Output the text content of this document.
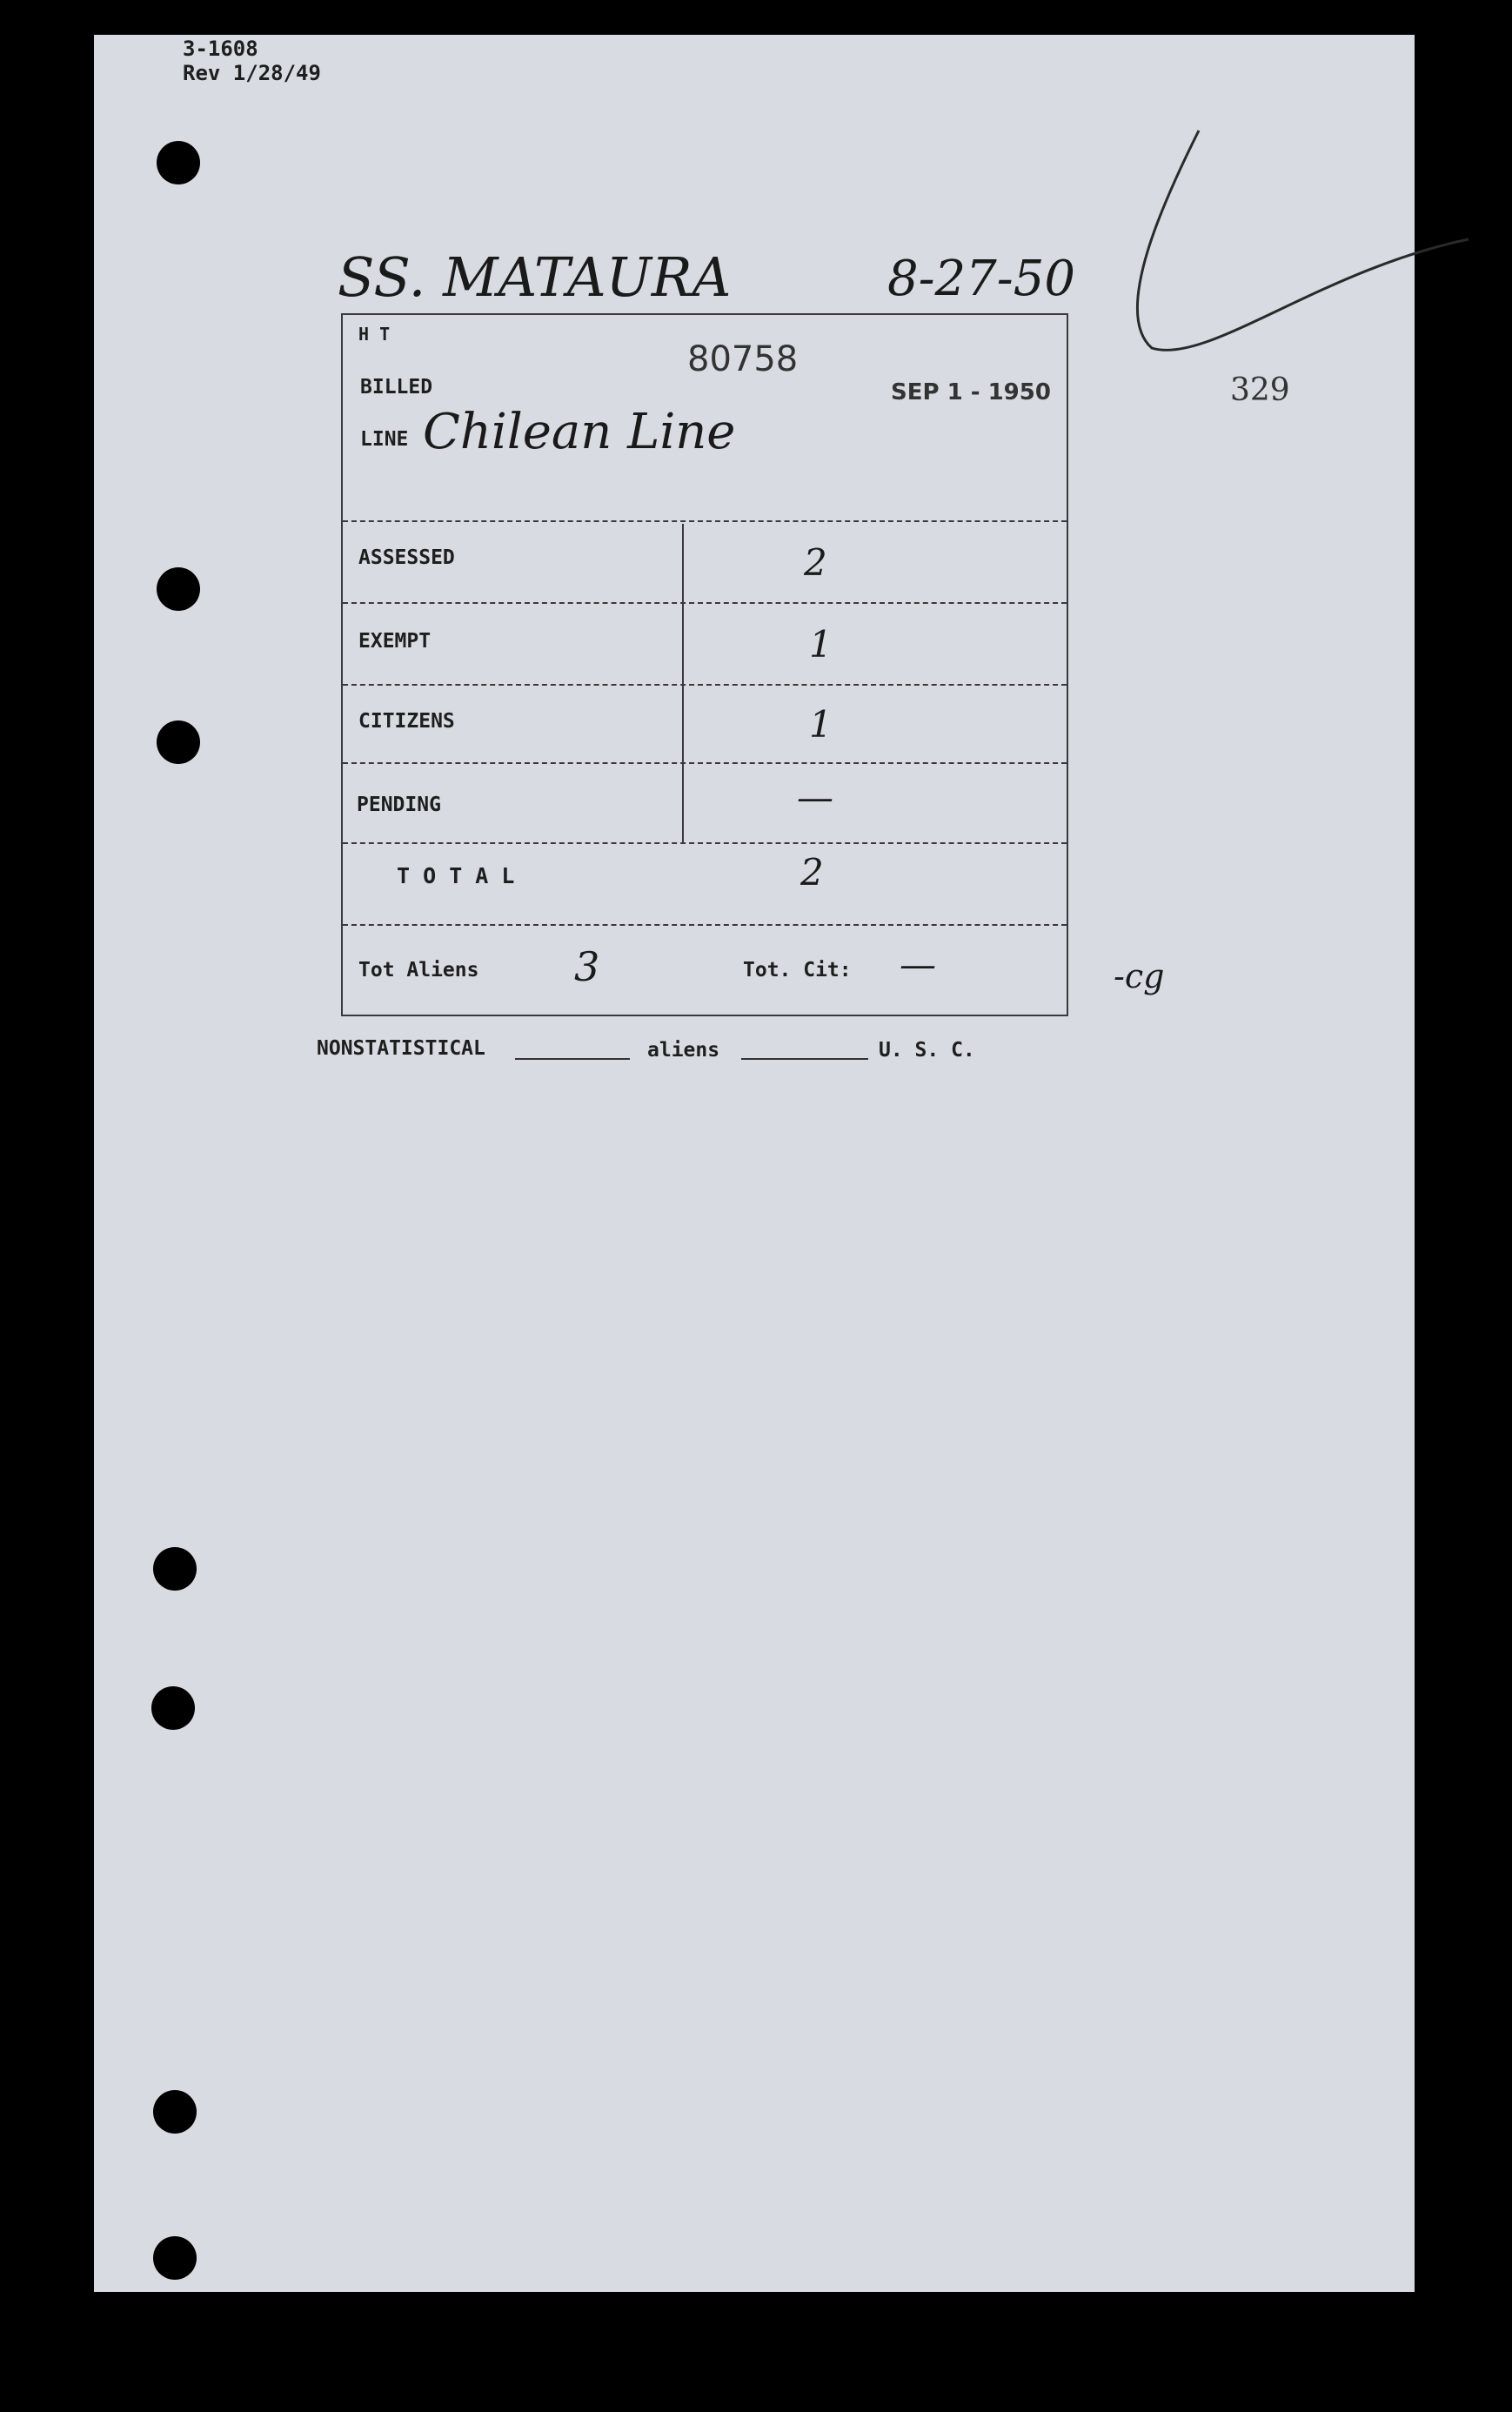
3-1608
Rev 1/28/49
SS. MATAURA	8-27-50
329
H T
80758
BILLED	SEP 1 - 1950
LINE Chilean Line
ASSESSED	2
EXEMPT	1
CITIZENS	1
PENDING	—
T O T A L	2
Tot Aliens 3	Tot. Cit: —	-cg
NONSTATISTICAL	aliens	U. S. C.
